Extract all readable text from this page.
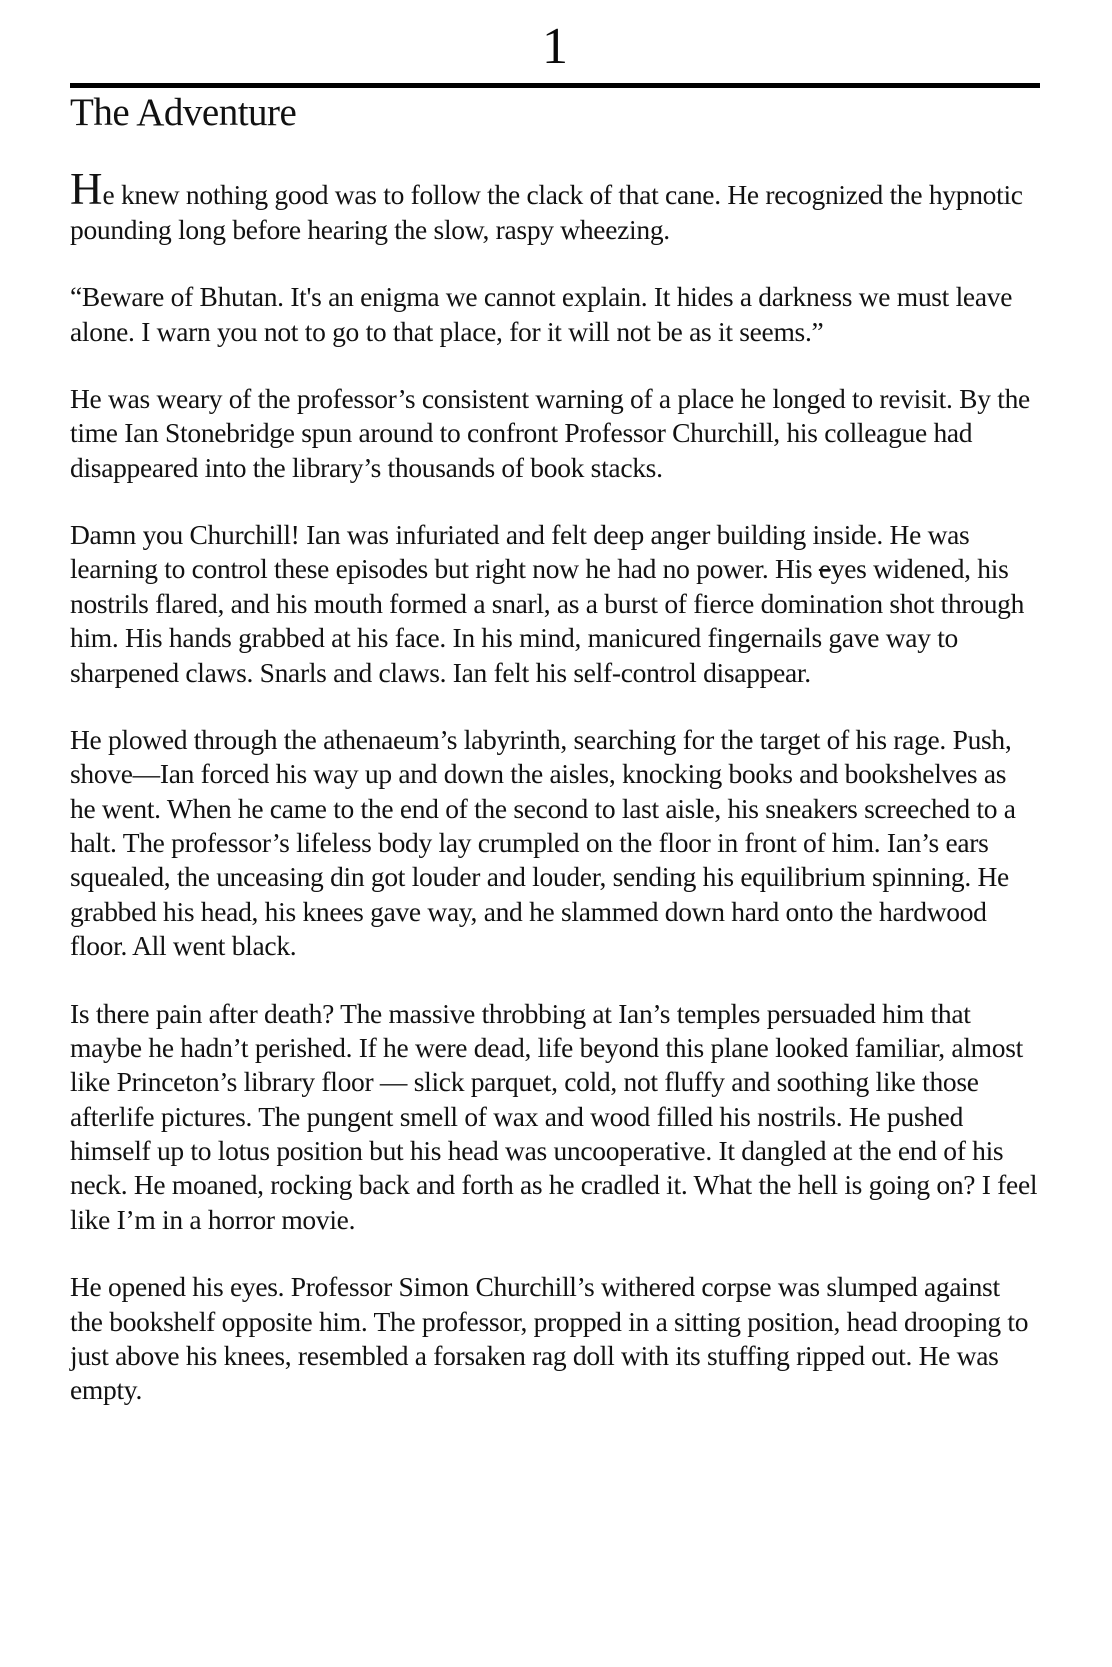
1
The Adventure

He knew nothing good was to follow the clack of that cane. He recognized the hypnotic pounding long before hearing the slow, raspy wheezing.

“Beware of Bhutan. It's an enigma we cannot explain. It hides a darkness we must leave alone. I warn you not to go to that place, for it will not be as it seems.”

He was weary of the professor’s consistent warning of a place he longed to revisit. By the time Ian Stonebridge spun around to confront Professor Churchill, his colleague had disappeared into the library’s thousands of book stacks.

Damn you Churchill! Ian was infuriated and felt deep anger building inside. He was learning to control these episodes but right now he had no power. His eyes widened, his nostrils flared, and his mouth formed a snarl, as a burst of fierce domination shot through him. His hands grabbed at his face. In his mind, manicured fingernails gave way to sharpened claws. Snarls and claws. Ian felt his self-control disappear.

He plowed through the athenaeum’s labyrinth, searching for the target of his rage. Push, shove—Ian forced his way up and down the aisles, knocking books and bookshelves as he went. When he came to the end of the second to last aisle, his sneakers screeched to a halt. The professor’s lifeless body lay crumpled on the floor in front of him. Ian’s ears squealed, the unceasing din got louder and louder, sending his equilibrium spinning. He grabbed his head, his knees gave way, and he slammed down hard onto the hardwood floor. All went black.

Is there pain after death? The massive throbbing at Ian’s temples persuaded him that maybe he hadn’t perished. If he were dead, life beyond this plane looked familiar, almost like Princeton’s library floor — slick parquet, cold, not fluffy and soothing like those afterlife pictures. The pungent smell of wax and wood filled his nostrils. He pushed himself up to lotus position but his head was uncooperative. It dangled at the end of his neck. He moaned, rocking back and forth as he cradled it. What the hell is going on? I feel like I’m in a horror movie.

He opened his eyes. Professor Simon Churchill’s withered corpse was slumped against the bookshelf opposite him. The professor, propped in a sitting position, head drooping to just above his knees, resembled a forsaken rag doll with its stuffing ripped out. He was empty.
